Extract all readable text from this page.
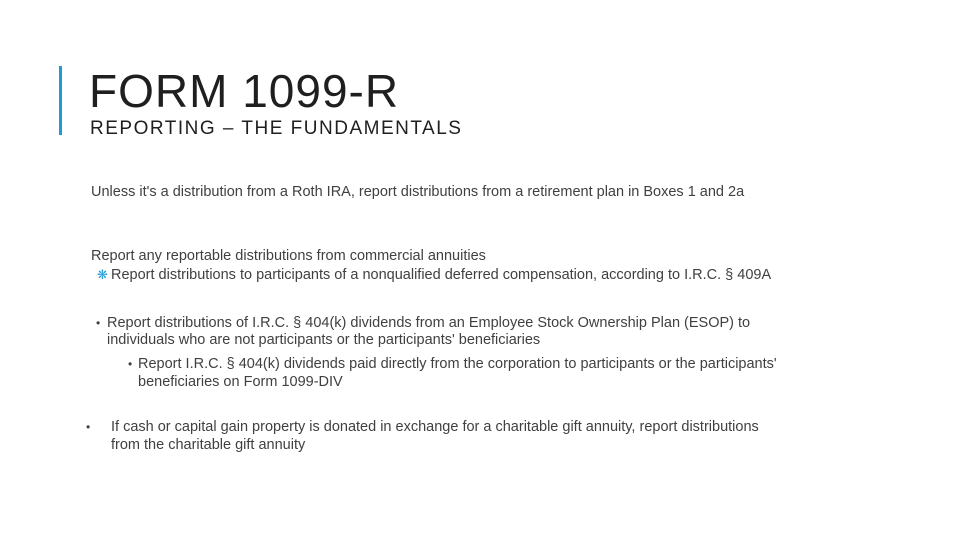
FORM 1099-R
REPORTING – THE FUNDAMENTALS
Unless it's a distribution from a Roth IRA, report distributions from a retirement plan in Boxes 1 and 2a
Report any reportable distributions from commercial annuities
❋ Report distributions to participants of a nonqualified deferred compensation, according to I.R.C. § 409A
• Report distributions of I.R.C. § 404(k) dividends from an Employee Stock Ownership Plan (ESOP) to
individuals who are not participants or the participants' beneficiaries
• Report I.R.C. § 404(k) dividends paid directly from the corporation to participants or the participants'
beneficiaries on Form 1099-DIV
• If cash or capital gain property is donated in exchange for a charitable gift annuity, report distributions
from the charitable gift annuity
